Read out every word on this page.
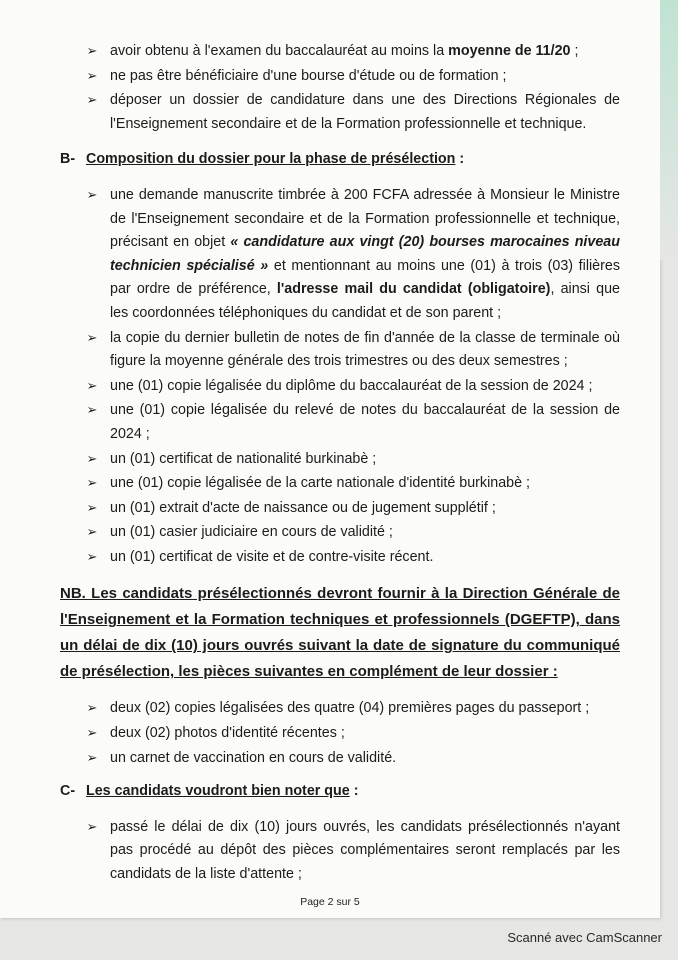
➢ avoir obtenu à l'examen du baccalauréat au moins la moyenne de 11/20 ;
➢ ne pas être bénéficiaire d'une bourse d'étude ou de formation ;
➢ déposer un dossier de candidature dans une des Directions Régionales de l'Enseignement secondaire et de la Formation professionnelle et technique.
B- Composition du dossier pour la phase de présélection :
➢ une demande manuscrite timbrée à 200 FCFA adressée à Monsieur le Ministre de l'Enseignement secondaire et de la Formation professionnelle et technique, précisant en objet « candidature aux vingt (20) bourses marocaines niveau technicien spécialisé » et mentionnant au moins une (01) à trois (03) filières par ordre de préférence, l'adresse mail du candidat (obligatoire), ainsi que les coordonnées téléphoniques du candidat et de son parent ;
➢ la copie du dernier bulletin de notes de fin d'année de la classe de terminale où figure la moyenne générale des trois trimestres ou des deux semestres ;
➢ une (01) copie légalisée du diplôme du baccalauréat de la session de 2024 ;
➢ une (01) copie légalisée du relevé de notes du baccalauréat de la session de 2024 ;
➢ un (01) certificat de nationalité burkinabè ;
➢ une (01) copie légalisée de la carte nationale d'identité burkinabè ;
➢ un (01) extrait d'acte de naissance ou de jugement supplétif ;
➢ un (01) casier judiciaire en cours de validité ;
➢ un (01) certificat de visite et de contre-visite récent.
NB. Les candidats présélectionnés devront fournir à la Direction Générale de l'Enseignement et la Formation techniques et professionnels (DGEFTP), dans un délai de dix (10) jours ouvrés suivant la date de signature du communiqué de présélection, les pièces suivantes en complément de leur dossier :
➢ deux (02) copies légalisées des quatre (04) premières pages du passeport ;
➢ deux (02) photos d'identité récentes ;
➢ un carnet de vaccination en cours de validité.
C- Les candidats voudront bien noter que :
➢ passé le délai de dix (10) jours ouvrés, les candidats présélectionnés n'ayant pas procédé au dépôt des pièces complémentaires seront remplacés par les candidats de la liste d'attente ;
Page 2 sur 5
Scanné avec CamScanner
